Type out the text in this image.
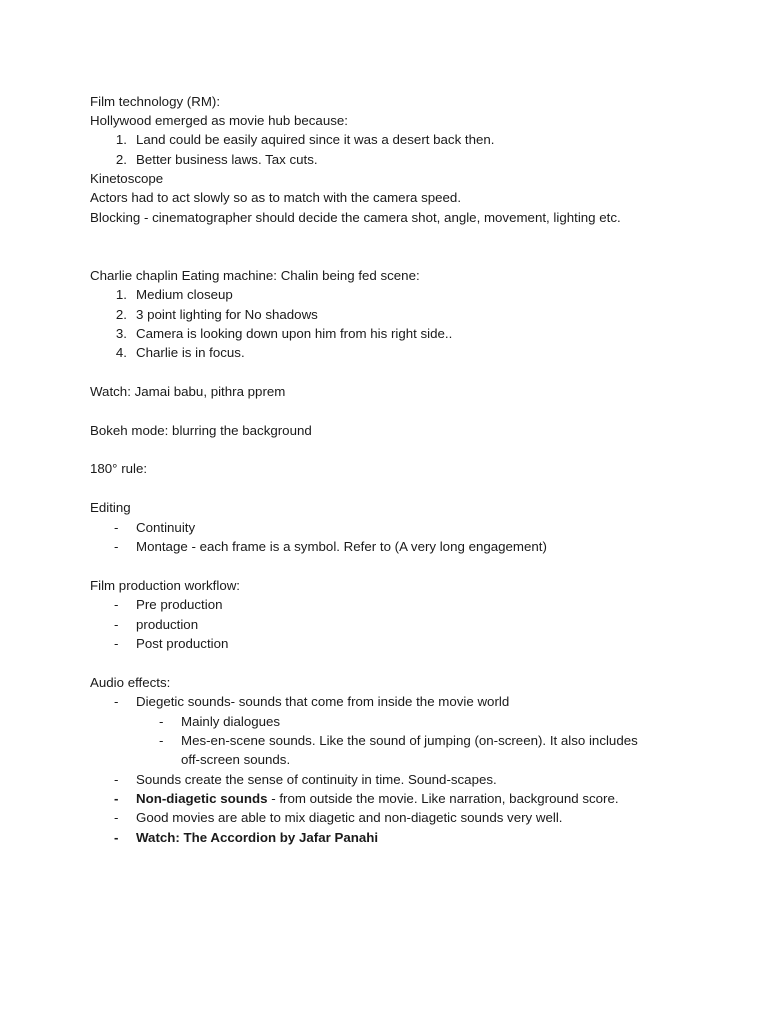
Film technology (RM):
Hollywood emerged as movie hub because:
1. Land could be easily aquired since it was a desert back then.
2. Better business laws. Tax cuts.
Kinetoscope
Actors had to act slowly so as to match with the camera speed.
Blocking - cinematographer should decide the camera shot, angle, movement, lighting etc.
Charlie chaplin Eating machine: Chalin being fed scene:
1. Medium closeup
2. 3 point lighting for No shadows
3. Camera is looking down upon him from his right side..
4. Charlie is in focus.
Watch: Jamai babu, pithra pprem
Bokeh mode: blurring the background
180° rule:
Editing
- Continuity
- Montage - each frame is a symbol. Refer to (A very long engagement)
Film production workflow:
- Pre production
- production
- Post production
Audio effects:
- Diegetic sounds- sounds that come from inside the movie world
- Mainly dialogues
- Mes-en-scene sounds. Like the sound of jumping (on-screen). It also includes
off-screen sounds.
- Sounds create the sense of continuity in time. Sound-scapes.
- Non-diagetic sounds - from outside the movie. Like narration, background score.
- Good movies are able to mix diagetic and non-diagetic sounds very well.
- Watch: The Accordion by Jafar Panahi
